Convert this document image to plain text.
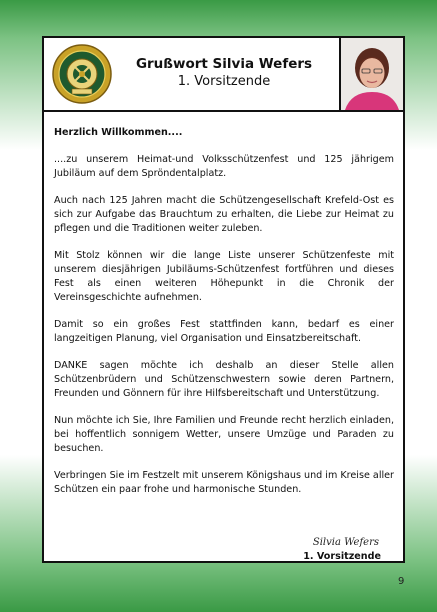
Grußwort Silvia Wefers
1. Vorsitzende

Herzlich Willkommen....

....zu unserem Heimat-und Volksschützenfest und 125 jährigem Jubiläum auf dem Spröndentalplatz.

Auch nach 125 Jahren macht die Schützengesellschaft Krefeld-Ost es sich zur Aufgabe das Brauchtum zu erhalten, die Liebe zur Heimat zu pflegen und die Traditionen weiter zuleben.

Mit Stolz können wir die lange Liste unserer Schützenfeste mit unserem diesjährigen Jubiläums-Schützenfest fortführen und dieses Fest als einen weiteren Höhepunkt in die Chronik der Vereinsgeschichte aufnehmen.

Damit so ein großes Fest stattfinden kann, bedarf es einer langzeitigen Planung, viel Organisation und Einsatzbereitschaft.

DANKE sagen möchte ich deshalb an dieser Stelle allen Schützenbrüdern und Schützenschwestern sowie deren Partnern, Freunden und Gönnern für ihre Hilfsbereitschaft und Unterstützung.

Nun möchte ich Sie, Ihre Familien und Freunde recht herzlich einladen, bei hoffentlich sonnigem Wetter, unsere Umzüge und Paraden zu besuchen.

Verbringen Sie im Festzelt mit unserem Königshaus und im Kreise aller Schützen ein paar frohe und harmonische Stunden.

Silvia Wefers
1. Vorsitzende
9
